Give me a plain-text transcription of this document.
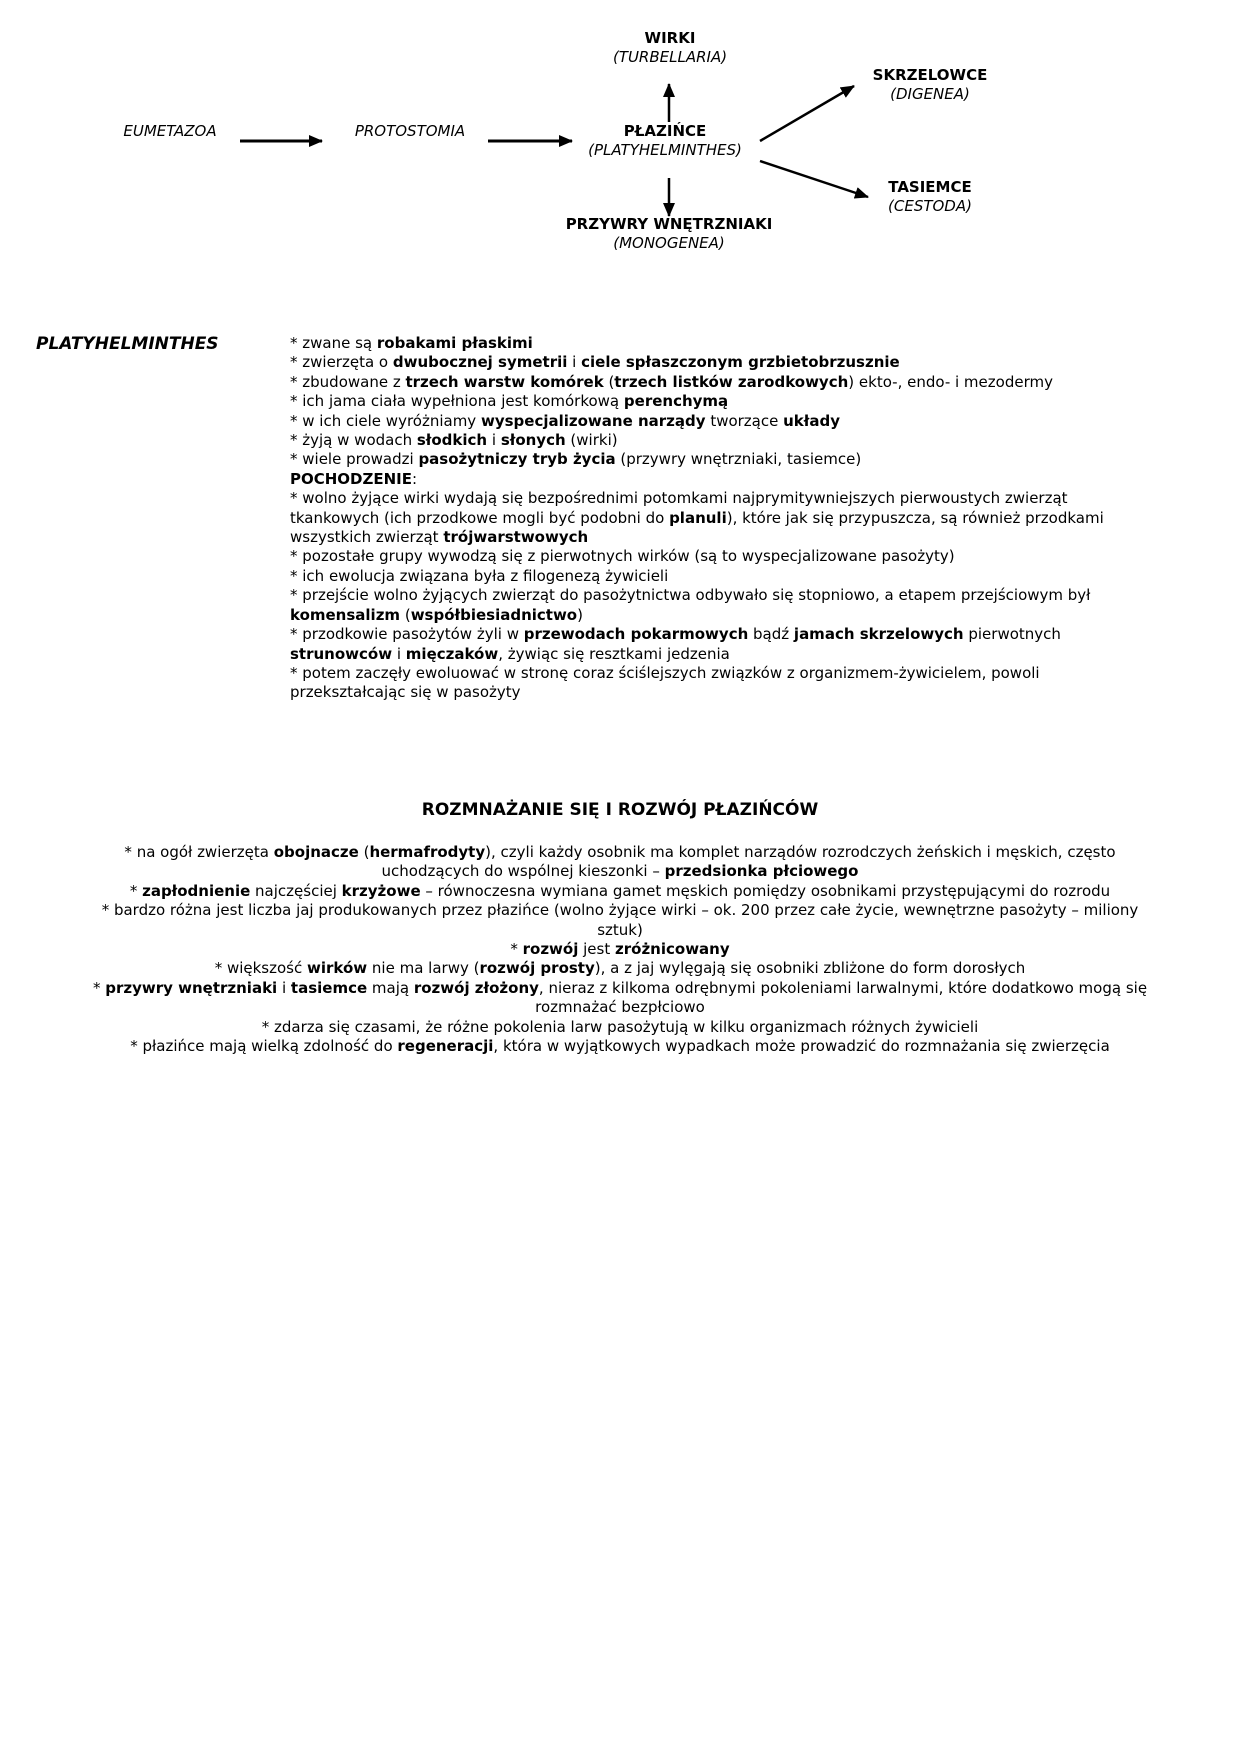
EUMETAZOA	PROTOSTOMIA	PŁAZIŃCE
(PLATYHELMINTHES)
WIRKI
(TURBELLARIA)
SKRZELOWCE
(DIGENEA)
TASIEMCE
(CESTODA)
PRZYWRY WNĘTRZNIAKI
(MONOGENEA)
PLATYHELMINTHES	* zwane są robakami płaskimi
* zwierzęta o dwubocznej symetrii i ciele spłaszczonym grzbietobrzusznie
* zbudowane z trzech warstw komórek (trzech listków zarodkowych) ekto-, endo- i mezodermy
* ich jama ciała wypełniona jest komórkową perenchymą
* w ich ciele wyróżniamy wyspecjalizowane narządy tworzące układy
* żyją w wodach słodkich i słonych (wirki)
* wiele prowadzi pasożytniczy tryb życia (przywry wnętrzniaki, tasiemce)
POCHODZENIE:
* wolno żyjące wirki wydają się bezpośrednimi potomkami najprymitywniejszych pierwoustych zwierząt
tkankowych (ich przodkowe mogli być podobni do planuli), które jak się przypuszcza, są również przodkami
wszystkich zwierząt trójwarstwowych
* pozostałe grupy wywodzą się z pierwotnych wirków (są to wyspecjalizowane pasożyty)
* ich ewolucja związana była z filogenezą żywicieli
* przejście wolno żyjących zwierząt do pasożytnictwa odbywało się stopniowo, a etapem przejściowym był
komensalizm (współbiesiadnictwo)
* przodkowie pasożytów żyli w przewodach pokarmowych bądź jamach skrzelowych pierwotnych
strunowców i mięczaków, żywiąc się resztkami jedzenia
* potem zaczęły ewoluować w stronę coraz ściślejszych związków z organizmem-żywicielem, powoli
przekształcając się w pasożyty
ROZMNAŻANIE SIĘ I ROZWÓJ PŁAZIŃCÓW
* na ogół zwierzęta obojnacze (hermafrodyty), czyli każdy osobnik ma komplet narządów rozrodczych żeńskich i męskich, często
uchodzących do wspólnej kieszonki – przedsionka płciowego
* zapłodnienie najczęściej krzyżowe – równoczesna wymiana gamet męskich pomiędzy osobnikami przystępującymi do rozrodu
* bardzo różna jest liczba jaj produkowanych przez płazińce (wolno żyjące wirki – ok. 200 przez całe życie, wewnętrzne pasożyty – miliony
sztuk)
* rozwój jest zróżnicowany
* większość wirków nie ma larwy (rozwój prosty), a z jaj wylęgają się osobniki zbliżone do form dorosłych
* przywry wnętrzniaki i tasiemce mają rozwój złożony, nieraz z kilkoma odrębnymi pokoleniami larwalnymi, które dodatkowo mogą się
rozmnażać bezpłciowo
* zdarza się czasami, że różne pokolenia larw pasożytują w kilku organizmach różnych żywicieli
* płazińce mają wielką zdolność do regeneracji, która w wyjątkowych wypadkach może prowadzić do rozmnażania się zwierzęcia
